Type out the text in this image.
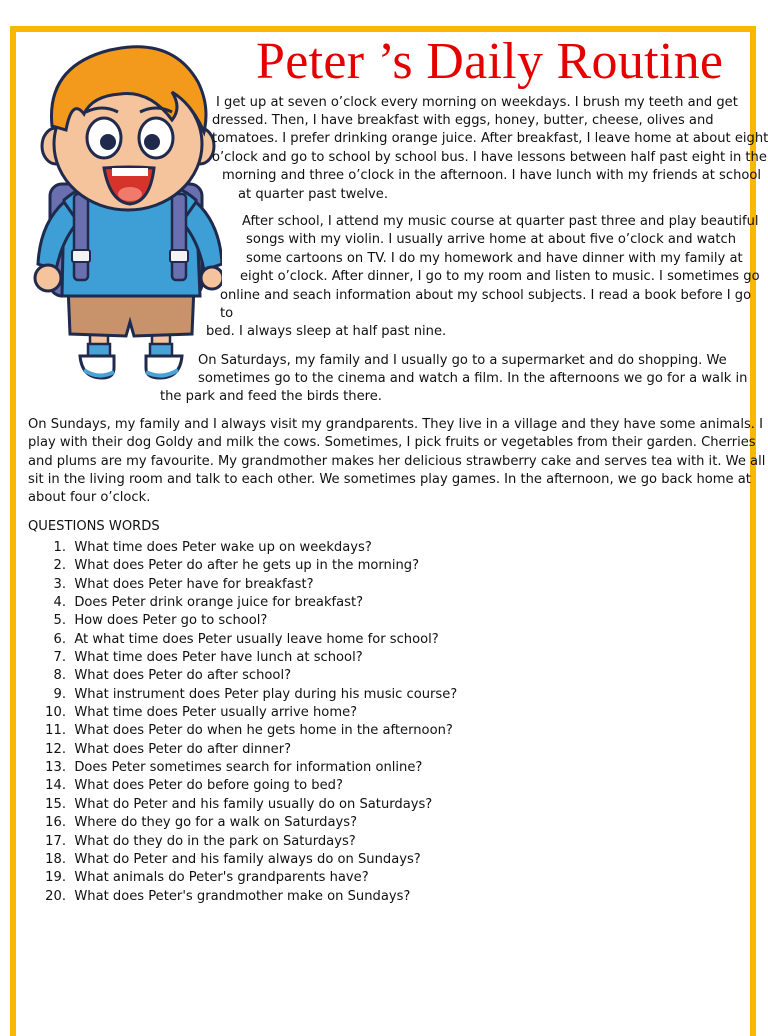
Peter ’s Daily Routine

I get up at seven o’clock every morning on weekdays. I brush my teeth and get

dressed. Then, I have breakfast with eggs, honey, butter, cheese, olives and

tomatoes. I prefer drinking orange juice. After breakfast, I leave home at about eight

o’clock and go to school by school bus. I have lessons between half past eight in the

morning and three o’clock in the afternoon. I have lunch with my friends at school

at quarter past twelve.

After school, I attend my music course at quarter past three and play beautiful

songs with my violin. I usually arrive home at about five o’clock and watch

some cartoons on TV. I do my homework and have dinner with my family at

eight o’clock. After dinner, I go to my room and listen to music. I sometimes go

online and seach information about my school subjects. I read a book before I go

to

bed. I always sleep at half past nine.

On Saturdays, my family and I usually go to a supermarket and do shopping. We

sometimes go to the cinema and watch a film. In the afternoons we go for a walk in

the park and feed the birds there.

On Sundays, my family and I always visit my grandparents. They live in a village and they have some animals. I

play with their dog Goldy and milk the cows. Sometimes, I pick fruits or vegetables from their garden. Cherries

and plums are my favourite. My grandmother makes her delicious strawberry cake and serves tea with it. We all

sit in the living room and talk to each other. We sometimes play games. In the afternoon, we go back home at

about four o’clock.

QUESTIONS WORDS

1. What time does Peter wake up on weekdays?
2. What does Peter do after he gets up in the morning?
3. What does Peter have for breakfast?
4. Does Peter drink orange juice for breakfast?
5. How does Peter go to school?
6. At what time does Peter usually leave home for school?
7. What time does Peter have lunch at school?
8. What does Peter do after school?
9. What instrument does Peter play during his music course?
10. What time does Peter usually arrive home?
11. What does Peter do when he gets home in the afternoon?
12. What does Peter do after dinner?
13. Does Peter sometimes search for information online?
14. What does Peter do before going to bed?
15. What do Peter and his family usually do on Saturdays?
16. Where do they go for a walk on Saturdays?
17. What do they do in the park on Saturdays?
18. What do Peter and his family always do on Sundays?
19. What animals do Peter's grandparents have?
20. What does Peter's grandmother make on Sundays?
